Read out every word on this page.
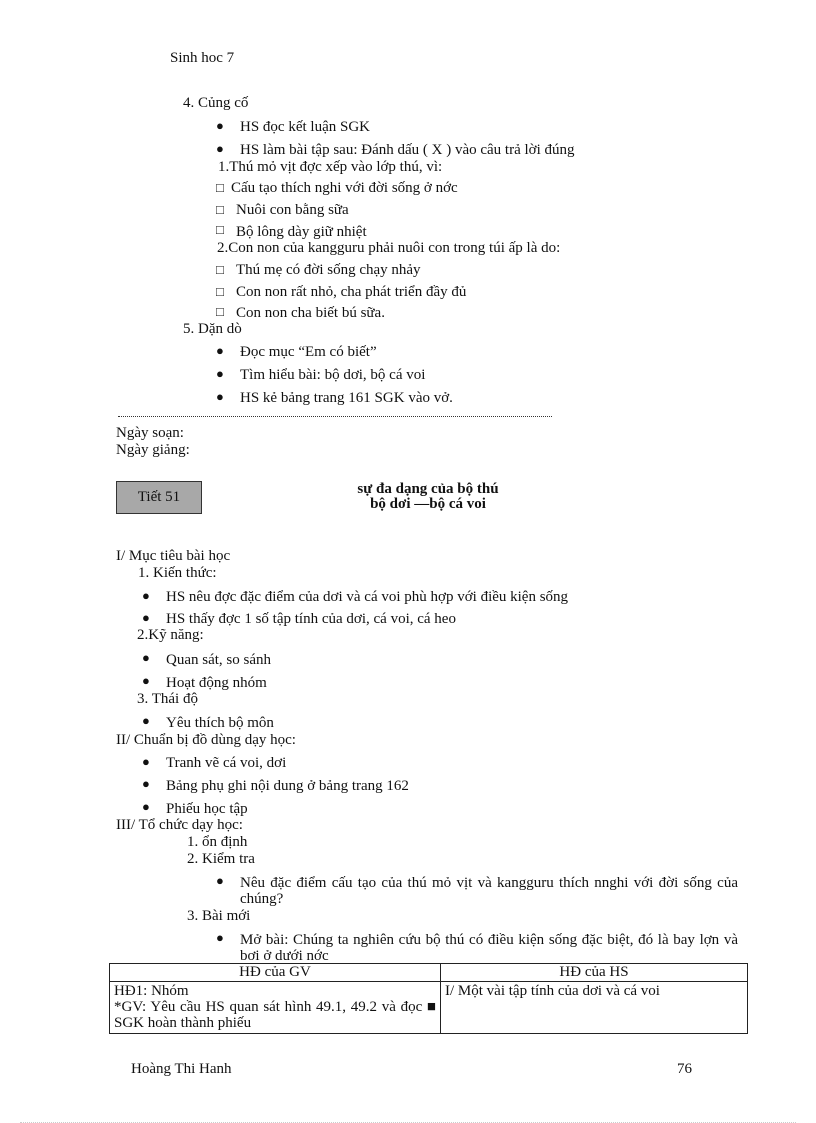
Sinh hoc 7
4. Củng cố
● HS đọc kết luận SGK
● HS làm bài tập sau: Đánh dấu ( X ) vào câu trả lời đúng
1.Thú mỏ vịt đợc xếp vào lớp thú, vì:
□ Cấu tạo thích nghi với đời sống ở nớc
□ Nuôi con bằng sữa
□ Bộ lông dày giữ nhiệt
2.Con non của kangguru phải nuôi con trong túi ấp là do:
□ Thú mẹ có đời sống chạy nhảy
□ Con non rất nhỏ, cha phát triển đầy đủ
□ Con non cha biết bú sữa.
5. Dặn dò
● Đọc mục “Em có biết”
● Tìm hiểu bài: bộ dơi, bộ cá voi
● HS kẻ bảng trang 161 SGK vào vở.
Ngày soạn:
Ngày giảng:
Tiết 51	sự đa dạng của bộ thú
bộ dơi —bộ cá voi
I/ Mục tiêu bài học
1. Kiến thức:
● HS nêu đợc đặc điểm của dơi và cá voi phù hợp với điều kiện sống
● HS thấy đợc 1 số tập tính của dơi, cá voi, cá heo
2.Kỹ năng:
● Quan sát, so sánh
● Hoạt động nhóm
3. Thái độ
● Yêu thích bộ môn
II/ Chuẩn bị đồ dùng dạy học:
● Tranh vẽ cá voi, dơi
● Bảng phụ ghi nội dung ở bảng trang 162
● Phiếu học tập
III/ Tổ chức dạy học:
1. ổn định
2. Kiểm tra
● Nêu đặc điểm cấu tạo của thú mỏ vịt và kangguru thích nnghi với đời sống của chúng?
3. Bài mới
● Mở bài: Chúng ta nghiên cứu bộ thú có điều kiện sống đặc biệt, đó là bay lợn và bơi ở dưới nớc
HĐ của GV	HĐ của HS

HĐ1: Nhóm
*GV: Yêu cầu HS quan sát hình 49.1, 49.2 và đọc ■ SGK hoàn thành phiếu	I/ Một vài tập tính của dơi và cá voi
Hoàng Thi Hanh	76
